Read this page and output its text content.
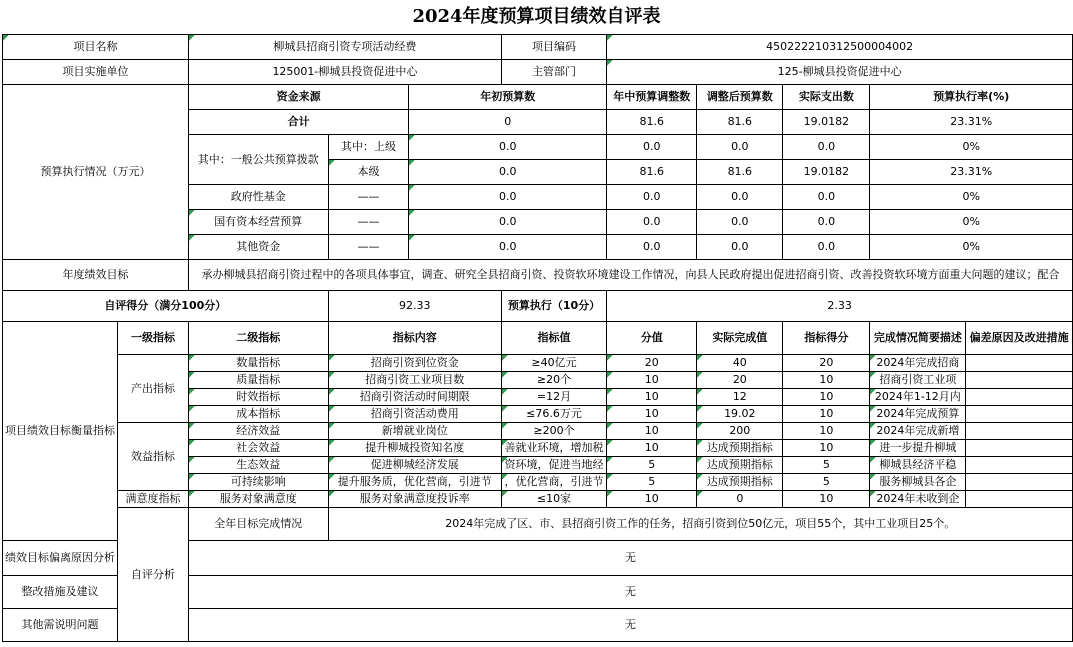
2024年度预算项目绩效自评表
项目名称		柳城县招商引资专项活动经费			项目编码	450222210312500004002				
项目实施单位		125001-柳城县投资促进中心			主管部门	125-柳城县投资促进中心				
预算执行情况（万元）		资金来源		年初预算数		年中预算调整数	调整后预算数	实际支出数	预算执行率(%)	
		合计		0		81.6	81.6	19.0182	23.31%	
		其中：一般公共预算拨款	其中：上级	0.0		0.0	0.0	0.0	0%	
			本级	0.0		81.6	81.6	19.0182	23.31%	
		政府性基金	——	0.0		0.0	0.0	0.0	0%	
		国有资本经营预算	——	0.0		0.0	0.0	0.0	0%	
		其他资金	——	0.0		0.0	0.0	0.0	0%	
年度绩效目标		承办柳城县招商引资过程中的各项具体事宜，调查、研究全县招商引资、投资软环境建设工作情况，向县人民政府提出促进招商引资、改善投资软环境方面重大问题的建议；配合								
自评得分（满分100分）			92.33		预算执行（10分）	2.33				
项目绩效目标衡量指标	一级指标	二级指标	指标内容		指标值	分值	实际完成值	指标得分	完成情况简要描述	偏差原因及改进措施
	产出指标	数量指标	招商引资到位资金		≥40亿元	20	40	20	2024年完成招商	
		质量指标	招商引资工业项目数		≥20个	10	20	10	招商引资工业项	
		时效指标	招商引资活动时间期限		=12月	10	12	10	2024年1-12月内	
		成本指标	招商引资活动费用		≤76.6万元	10	19.02	10	2024年完成预算	
	效益指标	经济效益	新增就业岗位		≥200个	10	200	10	2024年完成新增	
		社会效益	提升柳城投资知名度		善就业环境，增加税	10	达成预期指标	10	进一步提升柳城	
		生态效益	促进柳城经济发展		资环境，促进当地经	5	达成预期指标	5	柳城县经济平稳	
		可持续影响	提升服务质，优化营商，引进节		，优化营商，引进节	5	达成预期指标	5	服务柳城县各企	
	满意度指标	服务对象满意度	服务对象满意度投诉率		≤10家	10	0	10	2024年未收到企	
	自评分析	全年目标完成情况	2024年完成了区、市、县招商引资工作的任务，招商引资到位50亿元，项目55个，其中工业项目25个。							
绩效目标偏离原因分析		无								
整改措施及建议		无								
其他需说明问题		无								
